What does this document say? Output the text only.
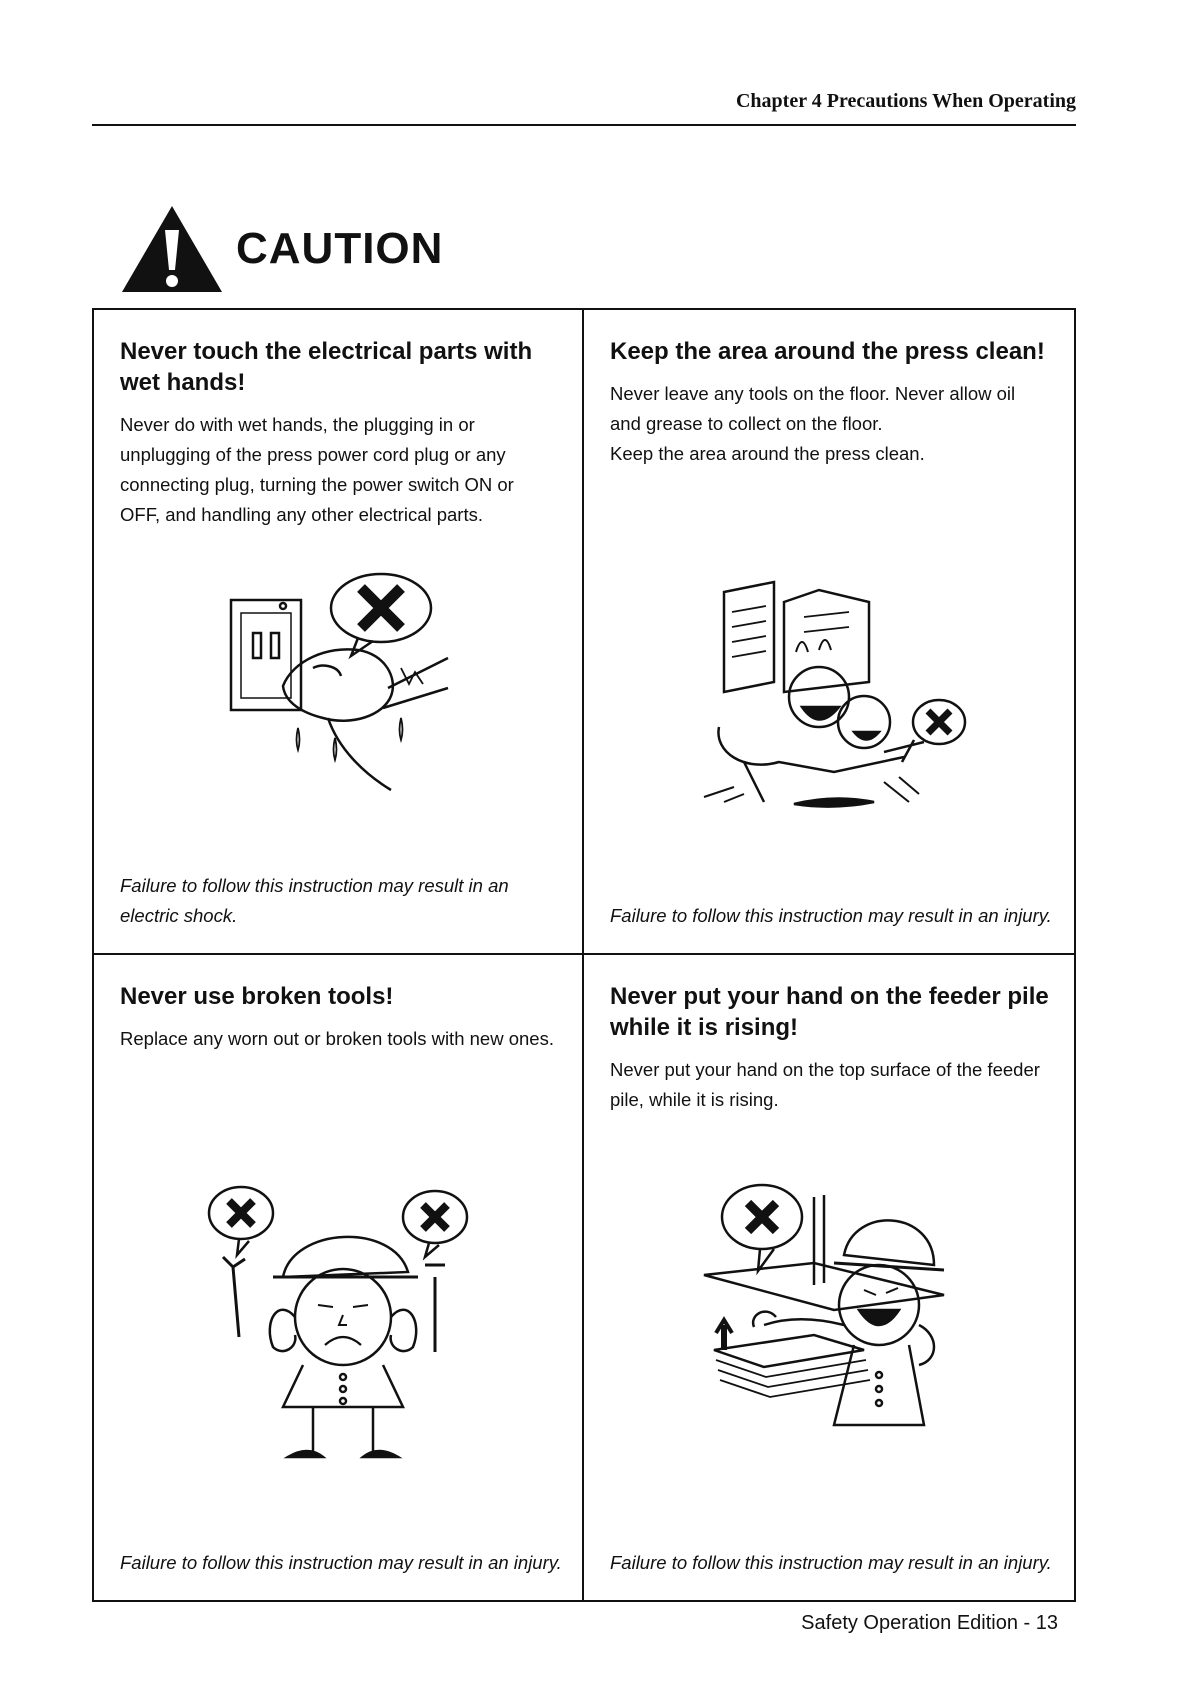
Chapter 4 Precautions When Operating
CAUTION
Never touch the electrical parts with wet hands!

Never do with wet hands, the plugging in or unplugging of the press power cord plug or any connecting plug, turning the power switch ON or OFF, and handling any other electrical parts.

Failure to follow this instruction may result in an electric shock.

Keep the area around the press clean!

Never leave any tools on the floor. Never allow oil and grease to collect on the floor.
Keep the area around the press clean.

Failure to follow this instruction may result in an injury.

Never use broken tools!

Replace any worn out or broken tools with new ones.

Failure to follow this instruction may result in an injury.

Never put your hand on the feeder pile while it is rising!

Never put your hand on the top surface of the feeder pile, while it is rising.

Failure to follow this instruction may result in an injury.

Safety Operation Edition - 13
